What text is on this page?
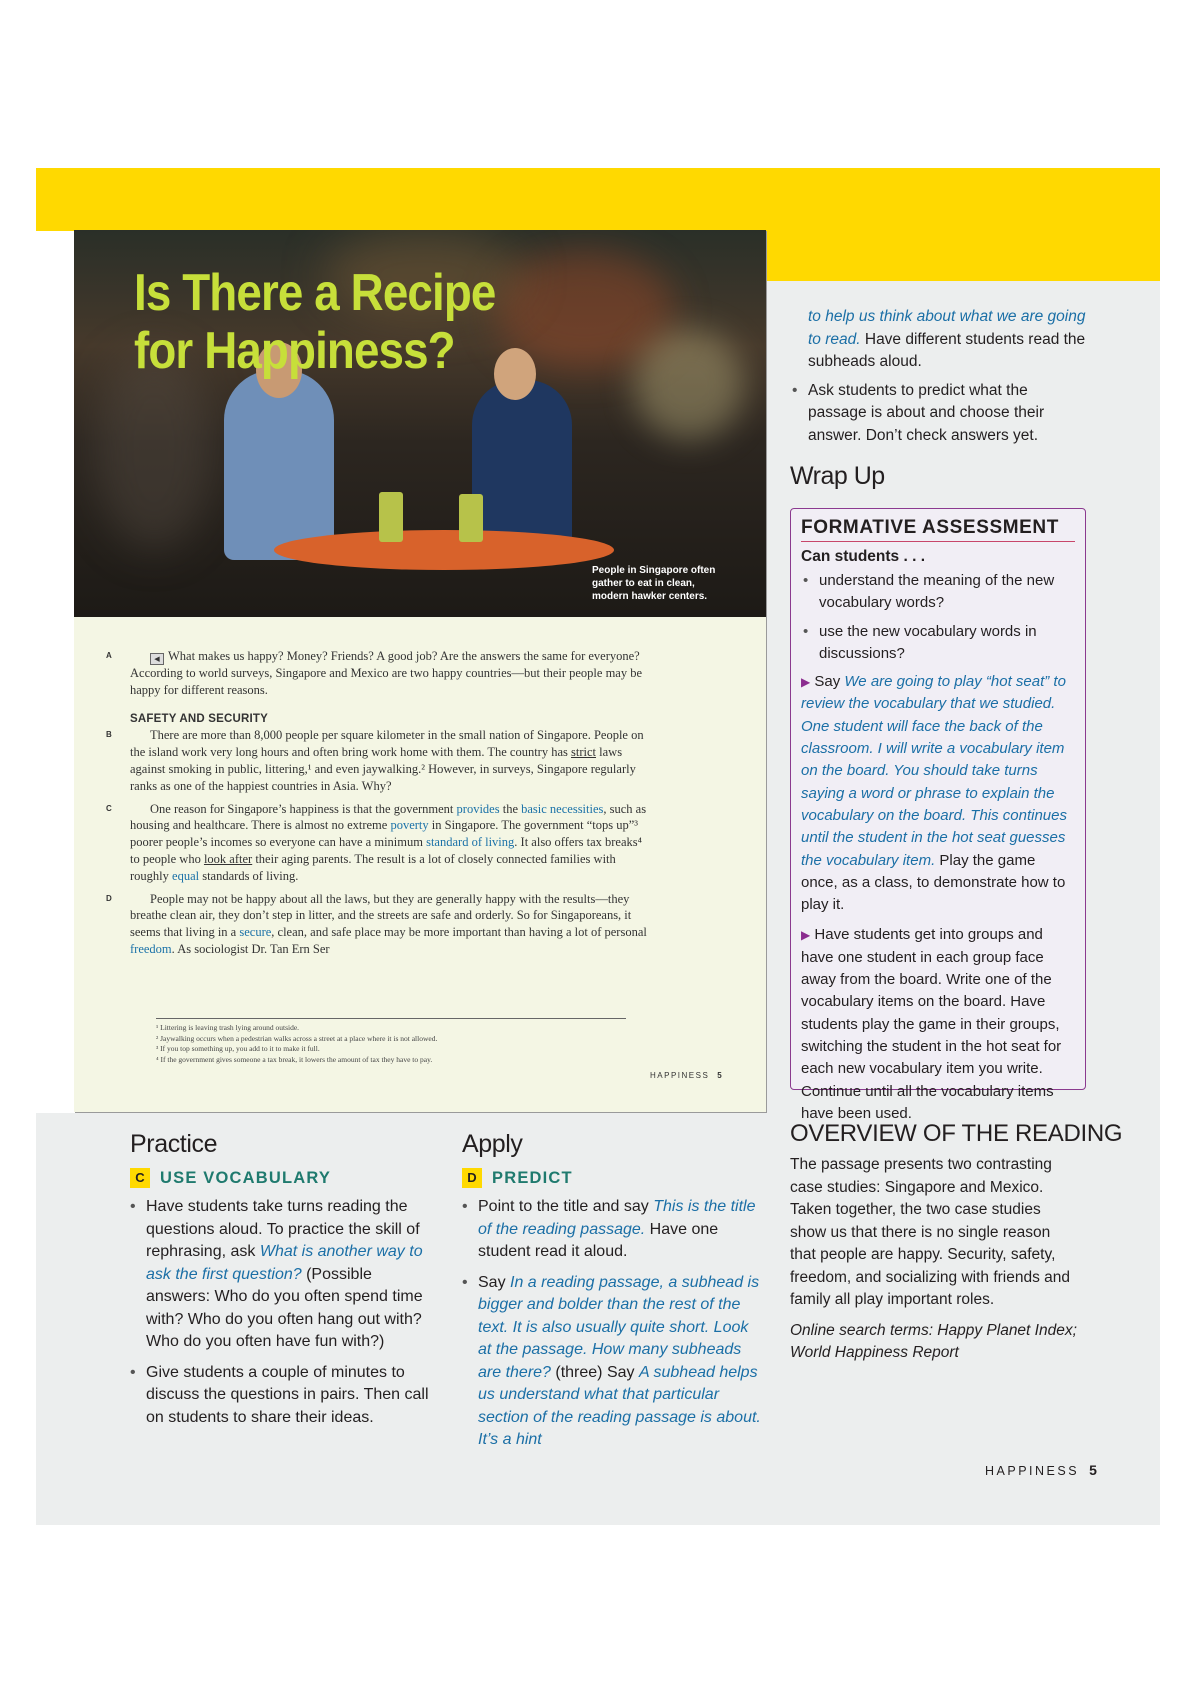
Is There a Recipe
for Happiness?
People in Singapore often gather to eat in clean, modern hawker centers.

A	◀ What makes us happy? Money? Friends? A good job? Are the answers the same for everyone? According to world surveys, Singapore and Mexico are two happy countries—but their people may be happy for different reasons.

SAFETY AND SECURITY

B	There are more than 8,000 people per square kilometer in the small nation of Singapore. People on the island work very long hours and often bring work home with them. The country has strict laws against smoking in public, littering,¹ and even jaywalking.² However, in surveys, Singapore regularly ranks as one of the happiest countries in Asia. Why?

C	One reason for Singapore’s happiness is that the government provides the basic necessities, such as housing and healthcare. There is almost no extreme poverty in Singapore. The government “tops up”³ poorer people’s incomes so everyone can have a minimum standard of living. It also offers tax breaks⁴ to people who look after their aging parents. The result is a lot of closely connected families with roughly equal standards of living.

D	People may not be happy about all the laws, but they are generally happy with the results—they breathe clean air, they don’t step in litter, and the streets are safe and orderly. So for Singaporeans, it seems that living in a secure, clean, and safe place may be more important than having a lot of personal freedom. As sociologist Dr. Tan Ern Ser

¹ Littering is leaving trash lying around outside.
² Jaywalking occurs when a pedestrian walks across a street at a place where it is not allowed.
³ If you top something up, you add to it to make it full.
⁴ If the government gives someone a tax break, it lowers the amount of tax they have to pay.
HAPPINESS 5
to help us think about what we are going to read. Have different students read the subheads aloud.
• Ask students to predict what the passage is about and choose their answer. Don’t check answers yet.
Wrap Up
FORMATIVE ASSESSMENT
Can students . . .
• understand the meaning of the new vocabulary words?
• use the new vocabulary words in discussions?
▶ Say We are going to play “hot seat” to review the vocabulary that we studied. One student will face the back of the classroom. I will write a vocabulary item on the board. You should take turns saying a word or phrase to explain the vocabulary on the board. This continues until the student in the hot seat guesses the vocabulary item. Play the game once, as a class, to demonstrate how to play it.
▶ Have students get into groups and have one student in each group face away from the board. Write one of the vocabulary items on the board. Have students play the game in their groups, switching the student in the hot seat for each new vocabulary item you write. Continue until all the vocabulary items have been used.
OVERVIEW OF THE READING
The passage presents two contrasting case studies: Singapore and Mexico. Taken together, the two case studies show us that there is no single reason that people are happy. Security, safety, freedom, and socializing with friends and family all play important roles.
Online search terms: Happy Planet Index; World Happiness Report
Practice
C USE VOCABULARY
• Have students take turns reading the questions aloud. To practice the skill of rephrasing, ask What is another way to ask the first question? (Possible answers: Who do you often spend time with? Who do you often hang out with? Who do you often have fun with?)
• Give students a couple of minutes to discuss the questions in pairs. Then call on students to share their ideas.
Apply
D PREDICT
• Point to the title and say This is the title of the reading passage. Have one student read it aloud.
• Say In a reading passage, a subhead is bigger and bolder than the rest of the text. It is also usually quite short. Look at the passage. How many subheads are there? (three) Say A subhead helps us understand what that particular section of the reading passage is about. It’s a hint
HAPPINESS 5
